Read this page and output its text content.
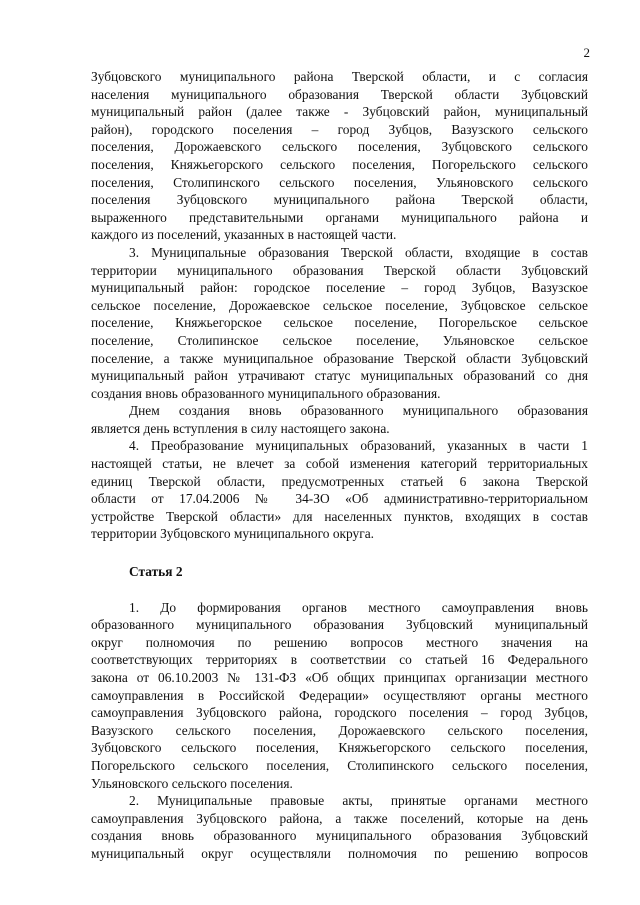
2
Зубцовского муниципального района Тверской области, и с согласия
населения муниципального образования Тверской области Зубцовский
муниципальный район (далее также - Зубцовский район, муниципальный
район), городского поселения – город Зубцов, Вазузского сельского
поселения, Дорожаевского сельского поселения, Зубцовского сельского
поселения, Княжьегорского сельского поселения, Погорельского сельского
поселения, Столипинского сельского поселения, Ульяновского сельского
поселения Зубцовского муниципального района Тверской области,
выраженного представительными органами муниципального района и
каждого из поселений, указанных в настоящей части.
3. Муниципальные образования Тверской области, входящие в состав
территории муниципального образования Тверской области Зубцовский
муниципальный район: городское поселение – город Зубцов, Вазузское
сельское поселение, Дорожаевское сельское поселение, Зубцовское сельское
поселение, Княжьегорское сельское поселение, Погорельское сельское
поселение, Столипинское сельское поселение, Ульяновское сельское
поселение, а также муниципальное образование Тверской области Зубцовский
муниципальный район утрачивают статус муниципальных образований со дня
создания вновь образованного муниципального образования.
Днем создания вновь образованного муниципального образования
является день вступления в силу настоящего закона.
4. Преобразование муниципальных образований, указанных в части 1
настоящей статьи, не влечет за собой изменения категорий территориальных
единиц Тверской области, предусмотренных статьей 6 закона Тверской
области от 17.04.2006 № 34-ЗО «Об административно-территориальном
устройстве Тверской области» для населенных пунктов, входящих в состав
территории Зубцовского муниципального округа.
Статья 2
1. До формирования органов местного самоуправления вновь
образованного муниципального образования Зубцовский муниципальный
округ полномочия по решению вопросов местного значения на
соответствующих территориях в соответствии со статьей 16 Федерального
закона от 06.10.2003 № 131-ФЗ «Об общих принципах организации местного
самоуправления в Российской Федерации» осуществляют органы местного
самоуправления Зубцовского района, городского поселения – город Зубцов,
Вазузского сельского поселения, Дорожаевского сельского поселения,
Зубцовского сельского поселения, Княжьегорского сельского поселения,
Погорельского сельского поселения, Столипинского сельского поселения,
Ульяновского сельского поселения.
2. Муниципальные правовые акты, принятые органами местного
самоуправления Зубцовского района, а также поселений, которые на день
создания вновь образованного муниципального образования Зубцовский
муниципальный округ осуществляли полномочия по решению вопросов
